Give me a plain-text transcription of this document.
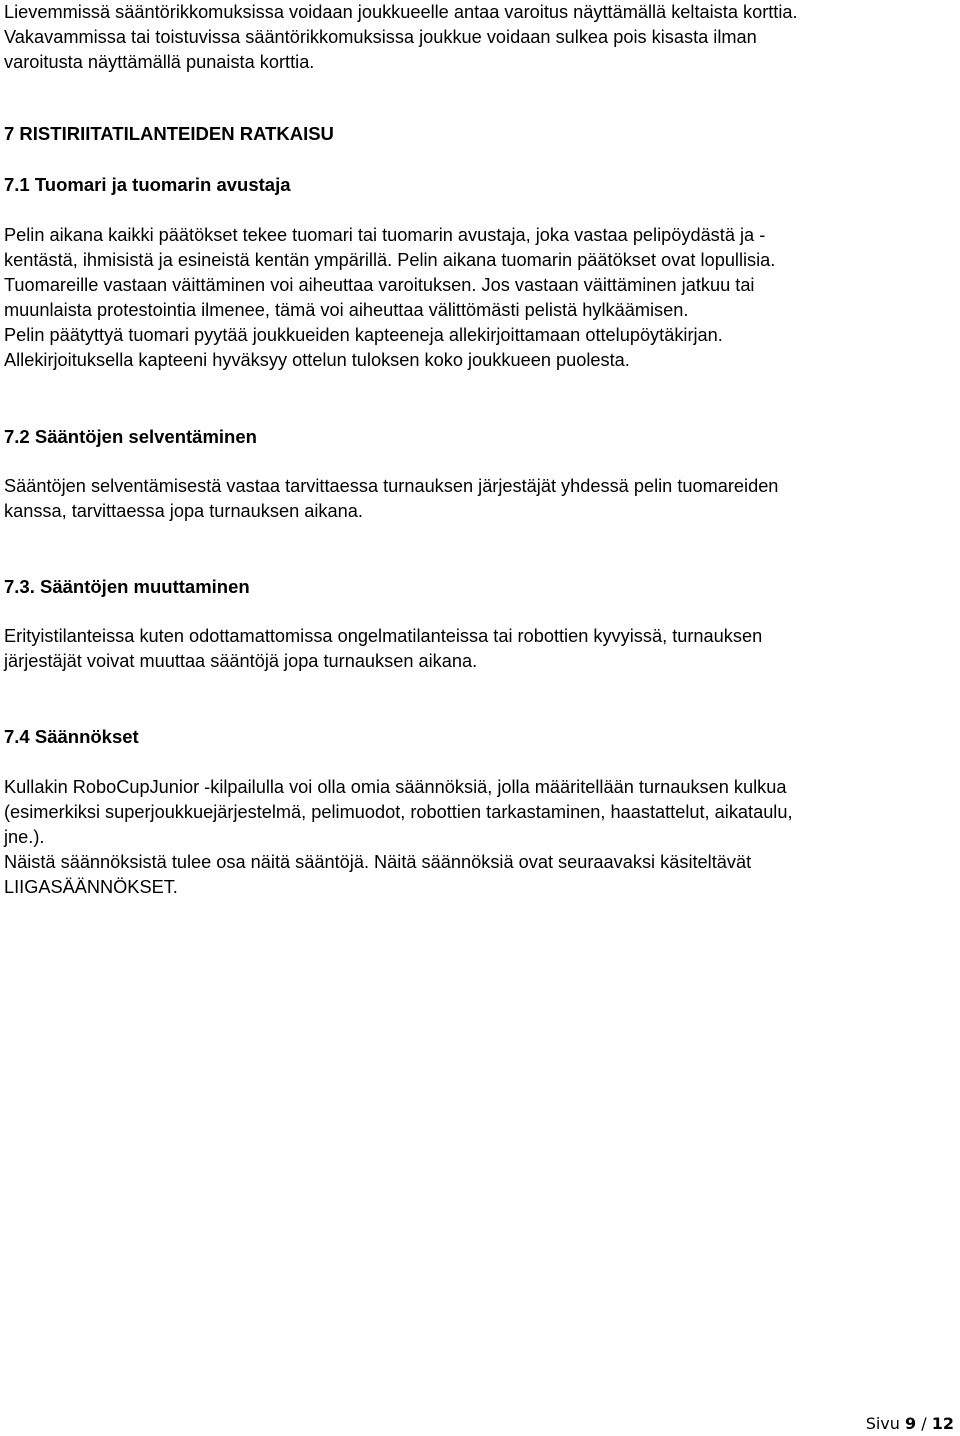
Lievemmissä sääntörikkomuksissa voidaan joukkueelle antaa varoitus näyttämällä keltaista korttia.
Vakavammissa tai toistuvissa sääntörikkomuksissa joukkue voidaan sulkea pois kisasta ilman
varoitusta näyttämällä punaista korttia.
7 RISTIRIITATILANTEIDEN RATKAISU
7.1 Tuomari ja tuomarin avustaja
Pelin aikana kaikki päätökset tekee tuomari tai tuomarin avustaja, joka vastaa pelipöydästä ja -
kentästä, ihmisistä ja esineistä kentän ympärillä. Pelin aikana tuomarin päätökset ovat lopullisia.
Tuomareille vastaan väittäminen voi aiheuttaa varoituksen. Jos vastaan väittäminen jatkuu tai
muunlaista protestointia ilmenee, tämä voi aiheuttaa välittömästi pelistä hylkäämisen.
Pelin päätyttyä tuomari pyytää joukkueiden kapteeneja allekirjoittamaan ottelupöytäkirjan.
Allekirjoituksella kapteeni hyväksyy ottelun tuloksen koko joukkueen puolesta.
7.2 Sääntöjen selventäminen
Sääntöjen selventämisestä vastaa tarvittaessa turnauksen järjestäjät yhdessä pelin tuomareiden
kanssa, tarvittaessa jopa turnauksen aikana.
7.3. Sääntöjen muuttaminen
Erityistilanteissa kuten odottamattomissa ongelmatilanteissa tai robottien kyvyissä, turnauksen
järjestäjät voivat muuttaa sääntöjä jopa turnauksen aikana.
7.4 Säännökset
Kullakin RoboCupJunior -kilpailulla voi olla omia säännöksiä, jolla määritellään turnauksen kulkua
(esimerkiksi superjoukkuejärjestelmä, pelimuodot, robottien tarkastaminen, haastattelut, aikataulu,
jne.).
Näistä säännöksistä tulee osa näitä sääntöjä. Näitä säännöksiä ovat seuraavaksi käsiteltävät
LIIGASÄÄNNÖKSET.
Sivu 9 / 12
